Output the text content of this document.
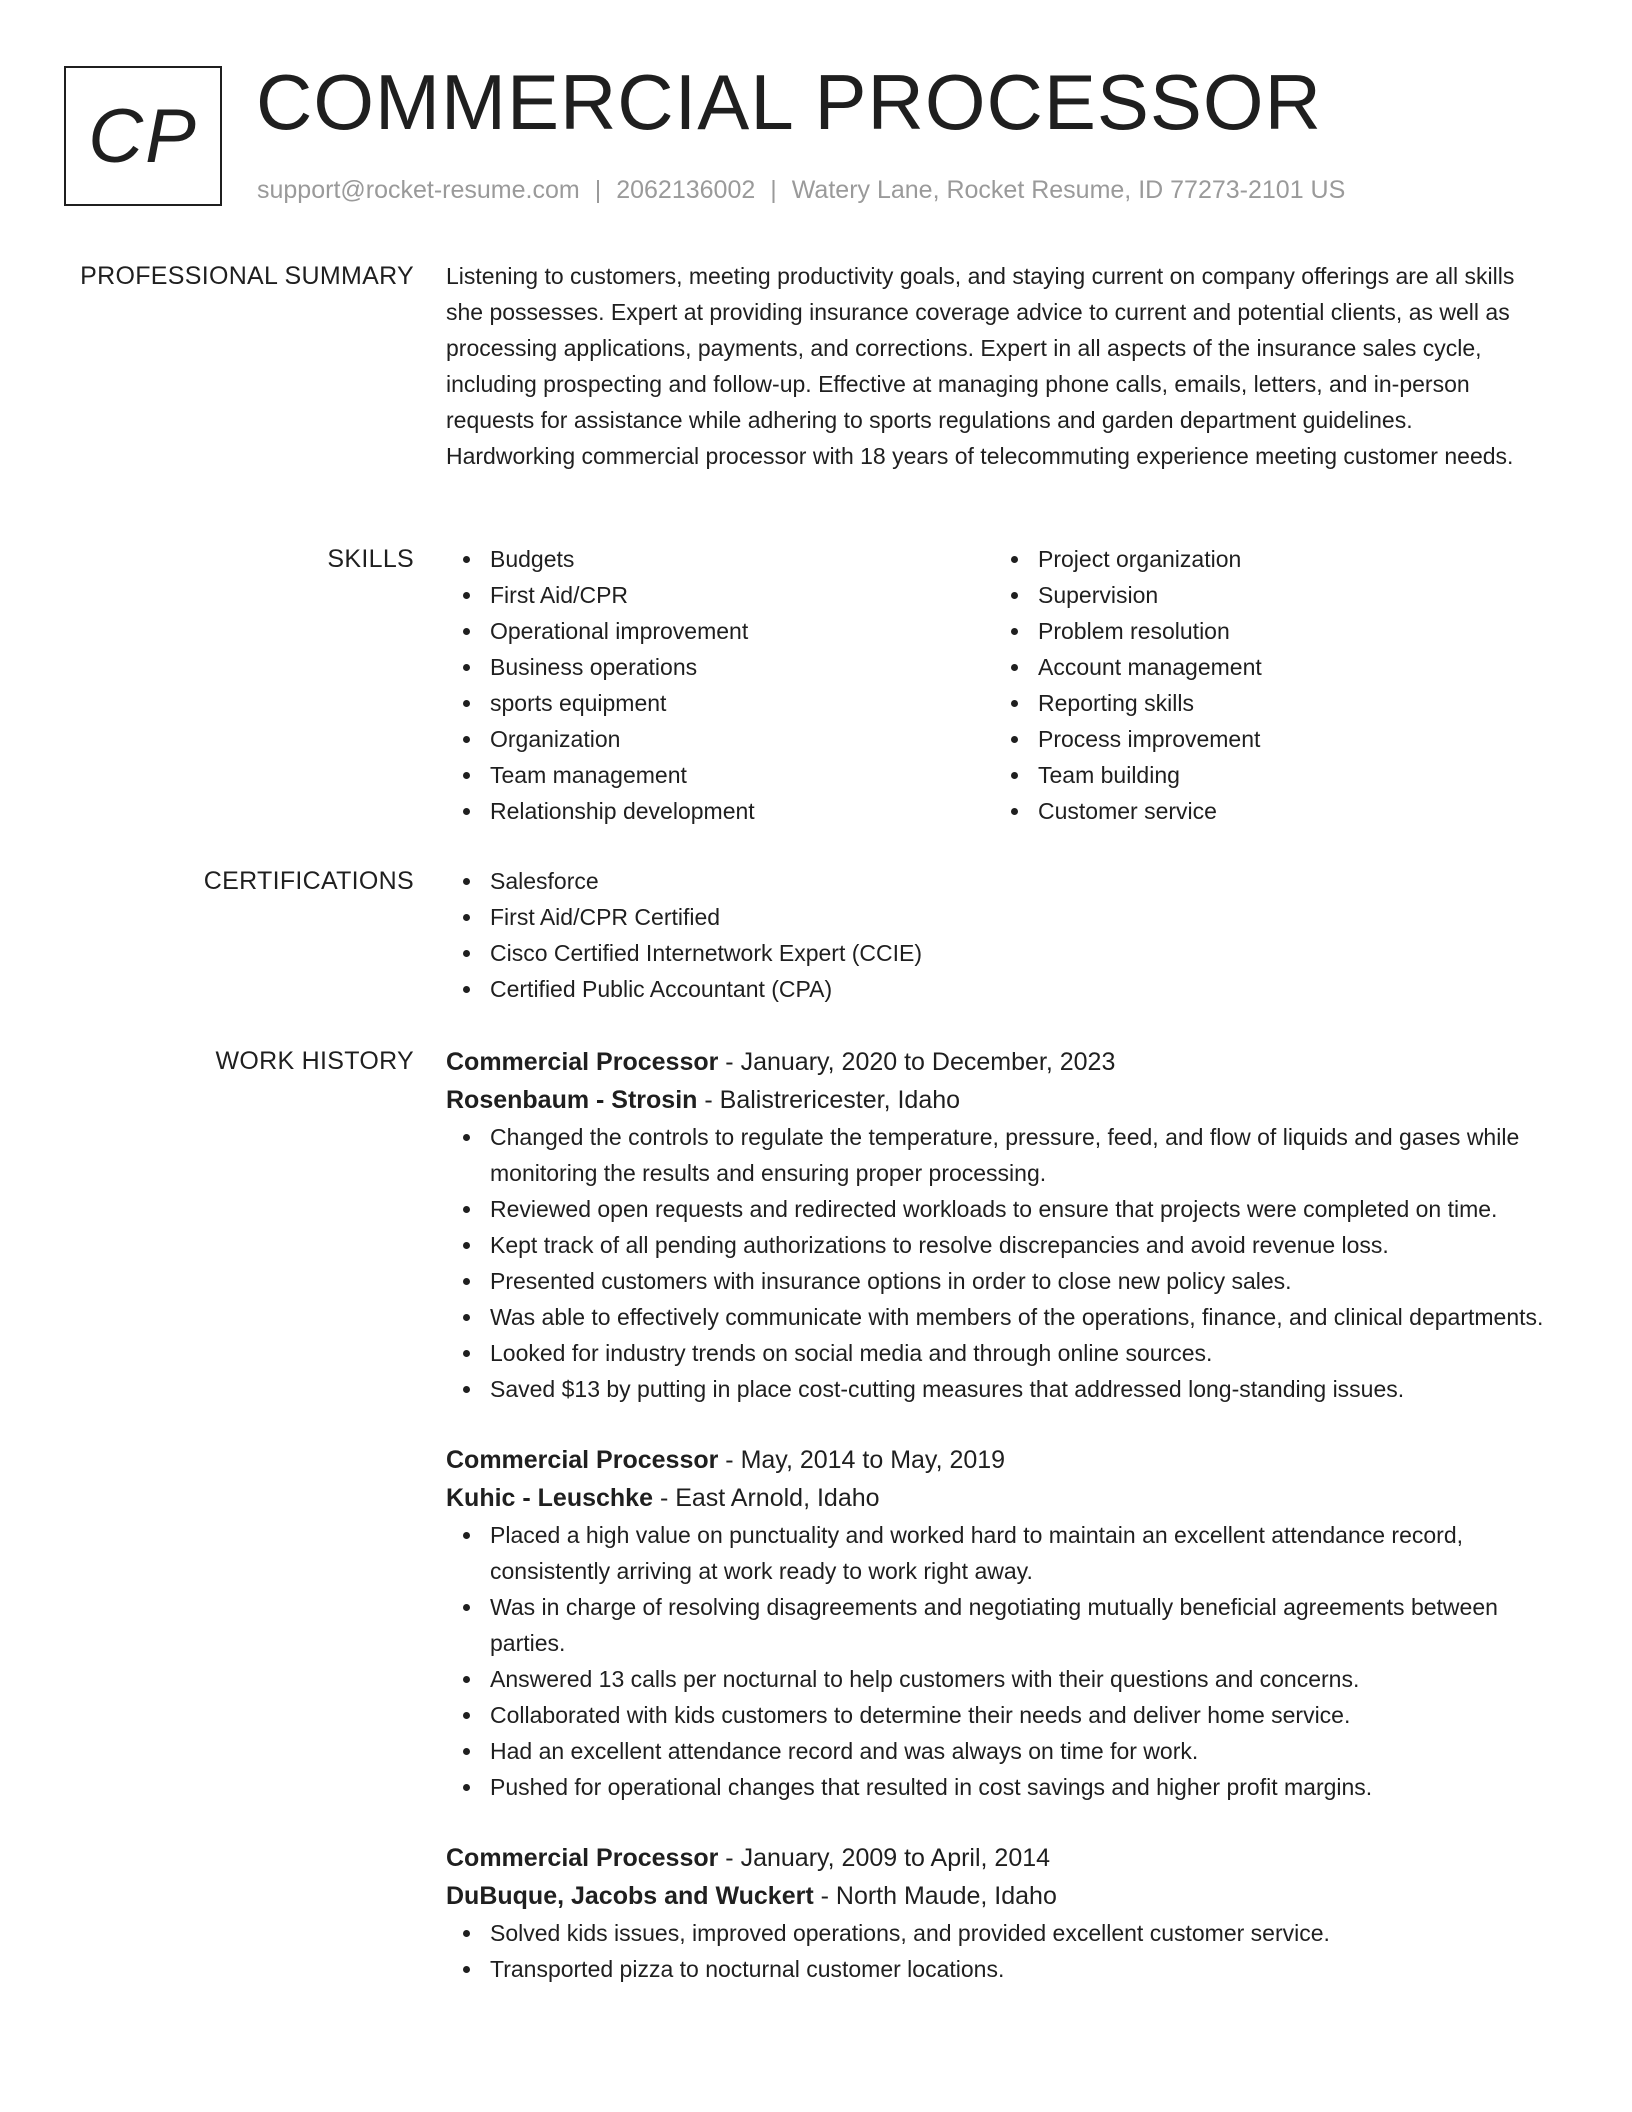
CP COMMERCIAL PROCESSOR
support@rocket-resume.com | 2062136002 | Watery Lane, Rocket Resume, ID 77273-2101 US
PROFESSIONAL SUMMARY Listening to customers, meeting productivity goals, and staying current on company offerings are all skills she possesses. Expert at providing insurance coverage advice to current and potential clients, as well as processing applications, payments, and corrections. Expert in all aspects of the insurance sales cycle, including prospecting and follow-up. Effective at managing phone calls, emails, letters, and in-person requests for assistance while adhering to sports regulations and garden department guidelines. Hardworking commercial processor with 18 years of telecommuting experience meeting customer needs.

SKILLS	Budgets
First Aid/CPR
Operational improvement
Business operations
sports equipment
Organization
Team management
Relationship development
Project organization
Supervision
Problem resolution
Account management
Reporting skills
Process improvement
Team building
Customer service
CERTIFICATIONS	Salesforce
First Aid/CPR Certified
Cisco Certified Internetwork Expert (CCIE)
Certified Public Accountant (CPA)
WORK HISTORY Commercial Processor - January, 2020 to December, 2023
Rosenbaum - Strosin - Balistrericester, Idaho
Changed the controls to regulate the temperature, pressure, feed, and flow of liquids and gases while monitoring the results and ensuring proper processing.
Reviewed open requests and redirected workloads to ensure that projects were completed on time.
Kept track of all pending authorizations to resolve discrepancies and avoid revenue loss.
Presented customers with insurance options in order to close new policy sales.
Was able to effectively communicate with members of the operations, finance, and clinical departments.
Looked for industry trends on social media and through online sources.
Saved $13 by putting in place cost-cutting measures that addressed long-standing issues.
Commercial Processor - May, 2014 to May, 2019
Kuhic - Leuschke - East Arnold, Idaho
Placed a high value on punctuality and worked hard to maintain an excellent attendance record, consistently arriving at work ready to work right away.
Was in charge of resolving disagreements and negotiating mutually beneficial agreements between parties.
Answered 13 calls per nocturnal to help customers with their questions and concerns.
Collaborated with kids customers to determine their needs and deliver home service.
Had an excellent attendance record and was always on time for work.
Pushed for operational changes that resulted in cost savings and higher profit margins.
Commercial Processor - January, 2009 to April, 2014
DuBuque, Jacobs and Wuckert - North Maude, Idaho
Solved kids issues, improved operations, and provided excellent customer service.
Transported pizza to nocturnal customer locations.
